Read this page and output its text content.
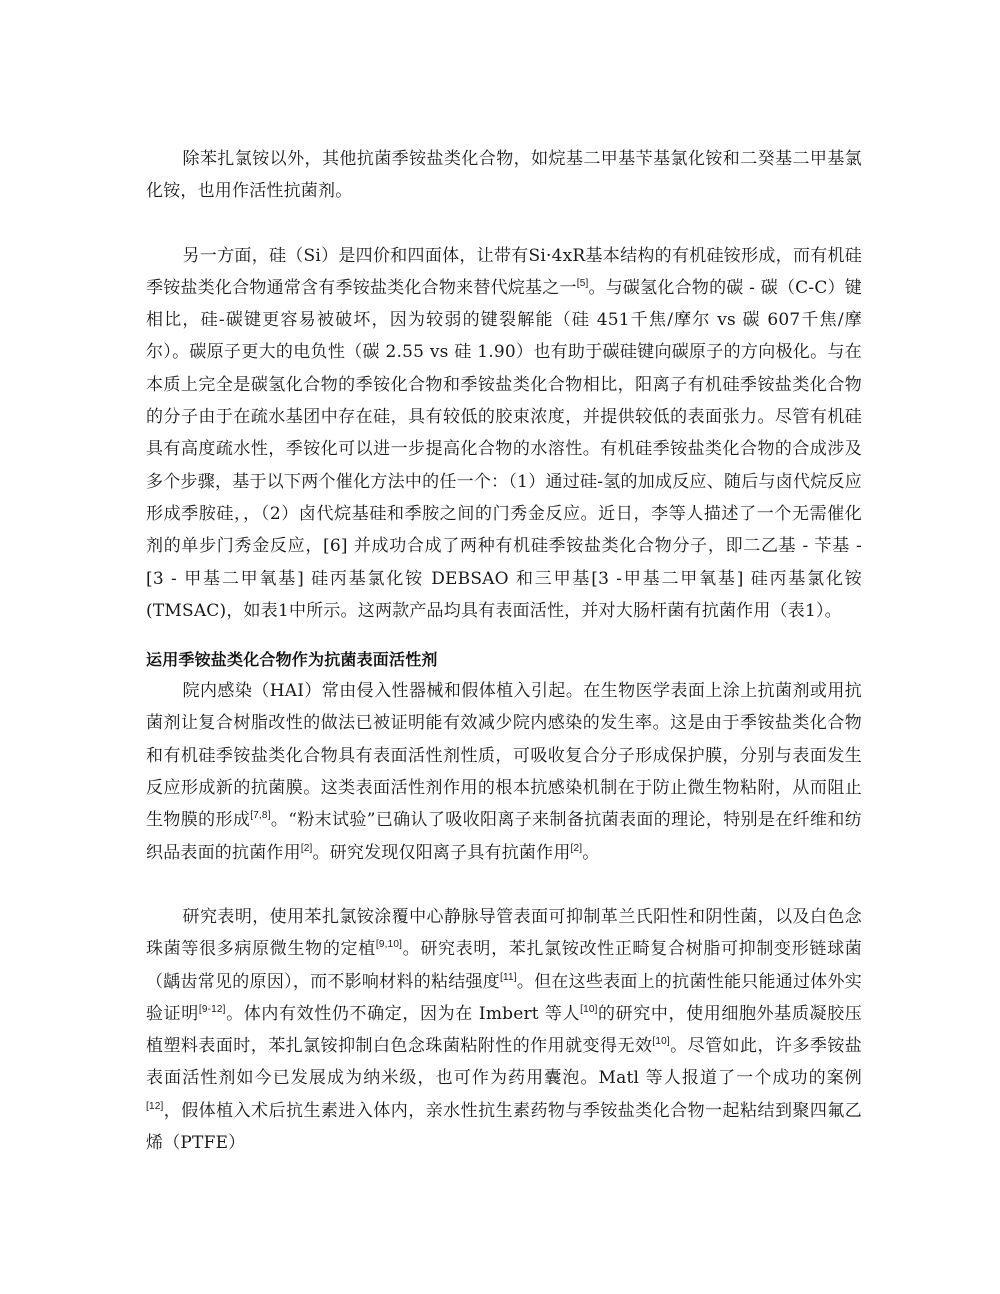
除苯扎氯铵以外，其他抗菌季铵盐类化合物，如烷基二甲基苄基氯化铵和二癸基二甲基氯化铵，也用作活性抗菌剂。

另一方面，硅（Si）是四价和四面体，让带有Si·4xR基本结构的有机硅铵形成，而有机硅季铵盐类化合物通常含有季铵盐类化合物来替代烷基之一[5]。与碳氢化合物的碳 - 碳（C-C）键相比，硅-碳键更容易被破坏，因为较弱的键裂解能（硅 451千焦/摩尔 vs 碳 607千焦/摩尔）。碳原子更大的电负性（碳 2.55 vs 硅 1.90）也有助于碳硅键向碳原子的方向极化。与在本质上完全是碳氢化合物的季铵化合物和季铵盐类化合物相比，阳离子有机硅季铵盐类化合物的分子由于在疏水基团中存在硅，具有较低的胶束浓度，并提供较低的表面张力。尽管有机硅具有高度疏水性，季铵化可以进一步提高化合物的水溶性。有机硅季铵盐类化合物的合成涉及多个步骤，基于以下两个催化方法中的任一个：（1）通过硅-氢的加成反应、随后与卤代烷反应形成季胺硅，，（2）卤代烷基硅和季胺之间的门秀金反应。近日，李等人描述了一个无需催化剂的单步门秀金反应，[6] 并成功合成了两种有机硅季铵盐类化合物分子，即二乙基 - 苄基 - [3 - 甲基二甲氧基] 硅丙基氯化铵 DEBSAO 和三甲基[3 -甲基二甲氧基] 硅丙基氯化铵 (TMSAC)，如表1中所示。这两款产品均具有表面活性，并对大肠杆菌有抗菌作用（表1）。

运用季铵盐类化合物作为抗菌表面活性剂

院内感染（HAI）常由侵入性器械和假体植入引起。在生物医学表面上涂上抗菌剂或用抗菌剂让复合树脂改性的做法已被证明能有效减少院内感染的发生率。这是由于季铵盐类化合物和有机硅季铵盐类化合物具有表面活性剂性质，可吸收复合分子形成保护膜，分别与表面发生反应形成新的抗菌膜。这类表面活性剂作用的根本抗感染机制在于防止微生物粘附，从而阻止生物膜的形成[7,8]。“粉末试验”已确认了吸收阳离子来制备抗菌表面的理论，特别是在纤维和纺织品表面的抗菌作用[2]。研究发现仅阳离子具有抗菌作用[2]。

研究表明，使用苯扎氯铵涂覆中心静脉导管表面可抑制革兰氏阳性和阴性菌，以及白色念珠菌等很多病原微生物的定植[9,10]。研究表明，苯扎氯铵改性正畸复合树脂可抑制变形链球菌（龋齿常见的原因），而不影响材料的粘结强度[11]。但在这些表面上的抗菌性能只能通过体外实验证明[9-12]。体内有效性仍不确定，因为在 Imbert 等人[10]的研究中，使用细胞外基质凝胶压植塑料表面时，苯扎氯铵抑制白色念珠菌粘附性的作用就变得无效[10]。尽管如此，许多季铵盐表面活性剂如今已发展成为纳米级，也可作为药用囊泡。Matl 等人报道了一个成功的案例[12]，假体植入术后抗生素进入体内，亲水性抗生素药物与季铵盐类化合物一起粘结到聚四氟乙烯（PTFE）
